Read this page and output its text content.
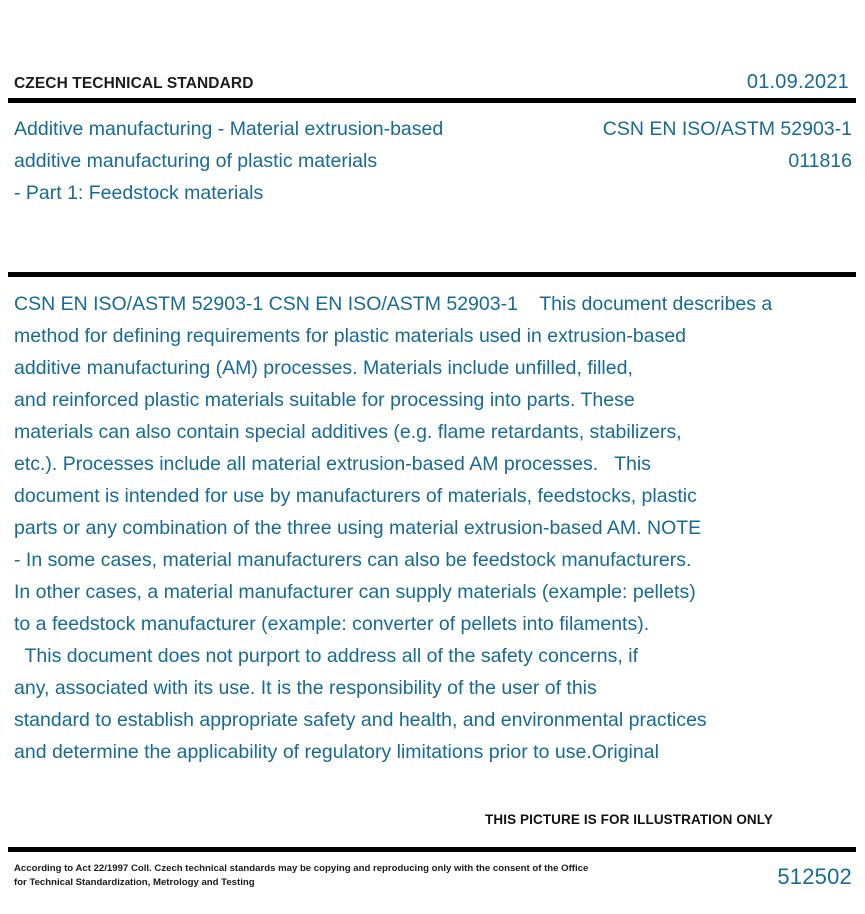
CZECH TECHNICAL STANDARD	01.09.2021
Additive manufacturing - Material extrusion-based
additive manufacturing of plastic materials
- Part 1: Feedstock materials
CSN EN ISO/ASTM 52903-1
011816

CSN EN ISO/ASTM 52903-1 CSN EN ISO/ASTM 52903-1    This document describes a

method for defining requirements for plastic materials used in extrusion-based

additive manufacturing (AM) processes. Materials include unfilled, filled,

and reinforced plastic materials suitable for processing into parts. These

materials can also contain special additives (e.g. flame retardants, stabilizers,

etc.). Processes include all material extrusion-based AM processes.   This

document is intended for use by manufacturers of materials, feedstocks, plastic

parts or any combination of the three using material extrusion-based AM. NOTE

- In some cases, material manufacturers can also be feedstock manufacturers.

In other cases, a material manufacturer can supply materials (example: pellets)

to a feedstock manufacturer (example: converter of pellets into filaments).

This document does not purport to address all of the safety concerns, if

any, associated with its use. It is the responsibility of the user of this

standard to establish appropriate safety and health, and environmental practices

and determine the applicability of regulatory limitations prior to use.Original

THIS PICTURE IS FOR ILLUSTRATION ONLY
According to Act 22/1997 Coll. Czech technical standards may be copying and reproducing only with the consent of the Office
for Technical Standardization, Metrology and Testing	512502
